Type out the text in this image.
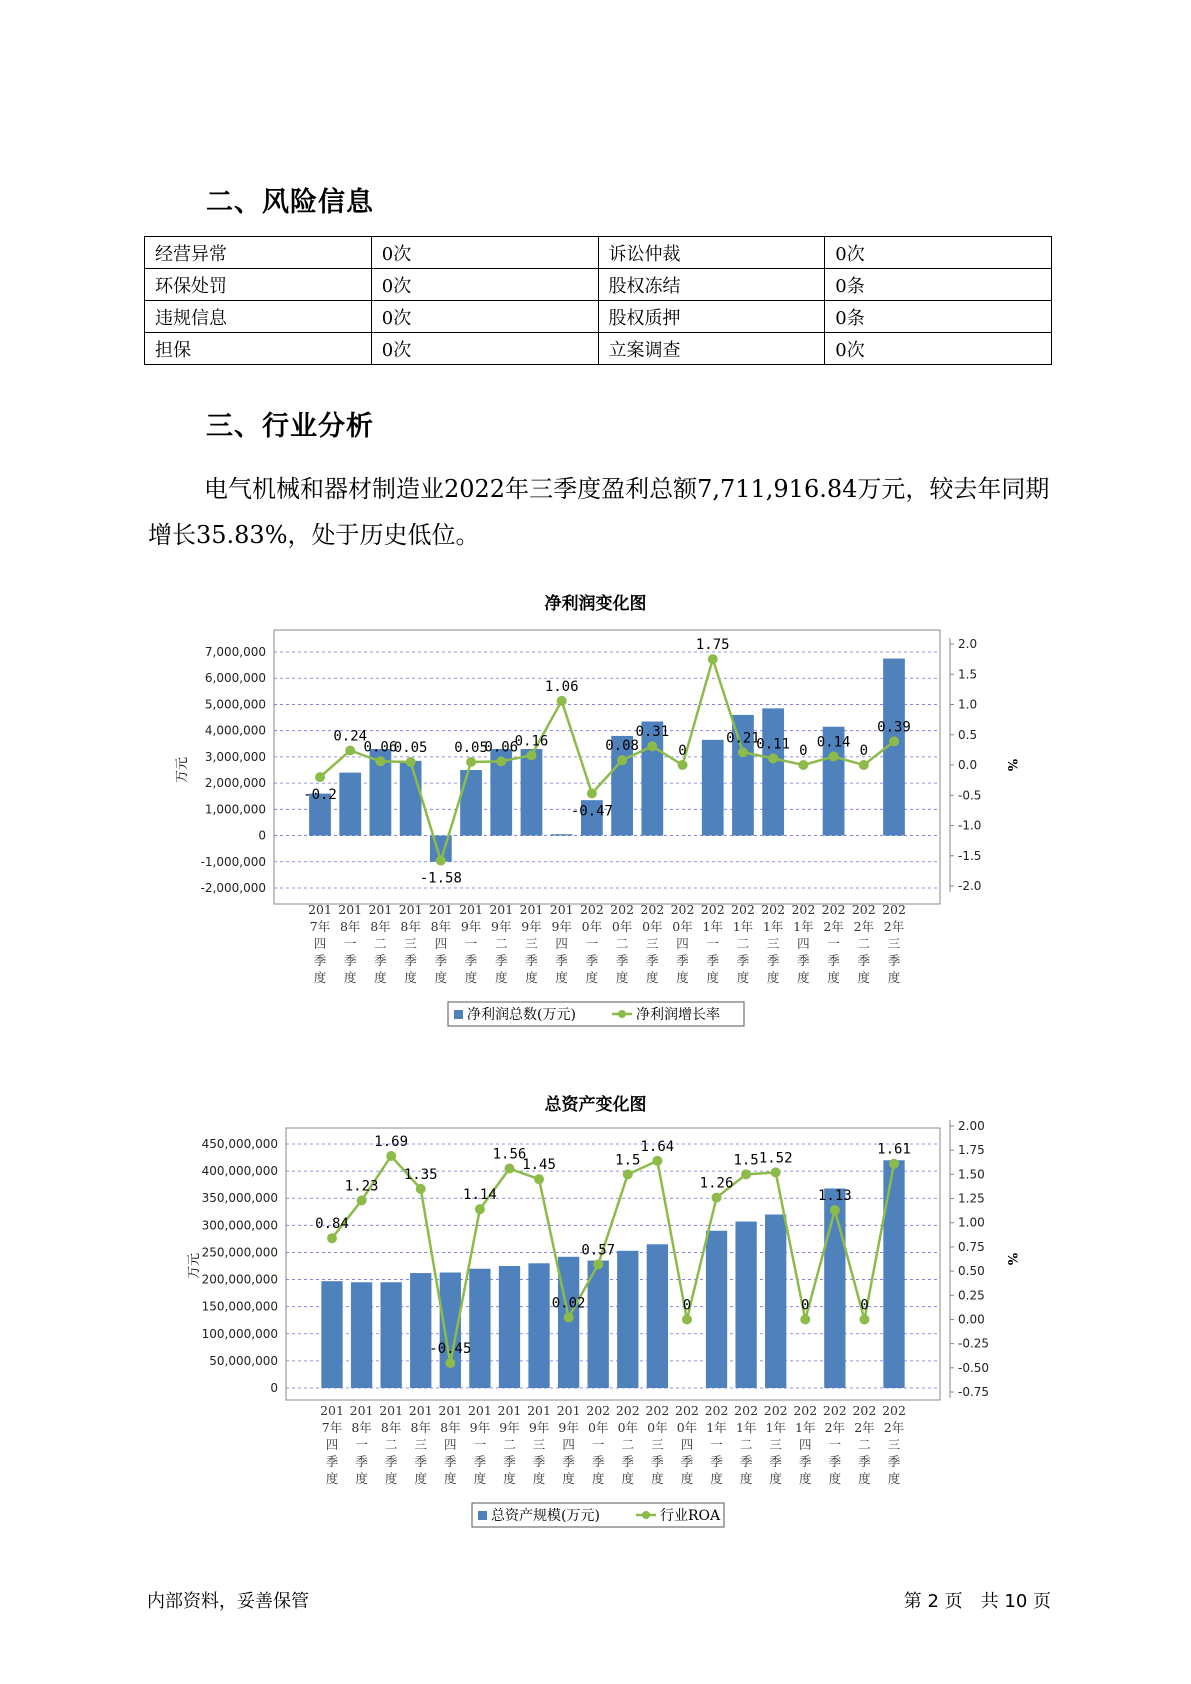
二、风险信息
经营异常	0次	诉讼仲裁	0次
环保处罚	0次	股权冻结	0条
违规信息	0次	股权质押	0条
担保	0次	立案调查	0次
三、行业分析
电气机械和器材制造业2022年三季度盈利总额7,711,916.84万元，较去年同期增长35.83%，处于历史低位。
净利润变化图
7,000,000
6,000,000
5,000,000
4,000,000
3,000,000
2,000,000
1,000,000
0
-1,000,000
-2,000,000
2.0
1.5
1.0
0.5
0.0
-0.5
-1.0
-1.5
-2.0
万元	%
-0.2
0.24
0.06
0.05
-1.58
0.05
0.06
0.16
1.06
-0.47
0.08
0.31
0
1.75
0.21
0.11 0
0.14
0
0.39
201 7年四季度
201 8年一季度
201 8年二季度
201 8年三季度
201 8年四季度
201 9年一季度
201 9年二季度
201 9年三季度
201 9年四季度
202 0年一季度
202 0年二季度
202 0年三季度
202 0年四季度
202 1年一季度
202 1年二季度
202 1年三季度
202 1年四季度
202 2年一季度
202 2年二季度
202 2年三季度
净利润总数(万元)	净利润增长率
总资产变化图
450,000,000
400,000,000
350,000,000
300,000,000
250,000,000
200,000,000
150,000,000
100,000,000
50,000,000
0
2.00
1.75
1.50
1.25
1.00
0.75
0.50
0.25
0.00
-0.25
-0.50
-0.75
万元	%
0.84
1.23
1.69
1.35
-0.45
1.14
1.56
1.45
0.02
0.57
1.5
1.64
0
1.26
1.5 1.52
0
1.13
0
1.61
201 7年四季度
201 8年一季度
201 8年二季度
201 8年三季度
201 8年四季度
201 9年一季度
201 9年二季度
201 9年三季度
201 9年四季度
202 0年一季度
202 0年二季度
202 0年三季度
202 0年四季度
202 1年一季度
202 1年二季度
202 1年三季度
202 1年四季度
202 2年一季度
202 2年二季度
202 2年三季度
总资产规模(万元)	行业ROA
内部资料，妥善保管	第 2 页　共 10 页
